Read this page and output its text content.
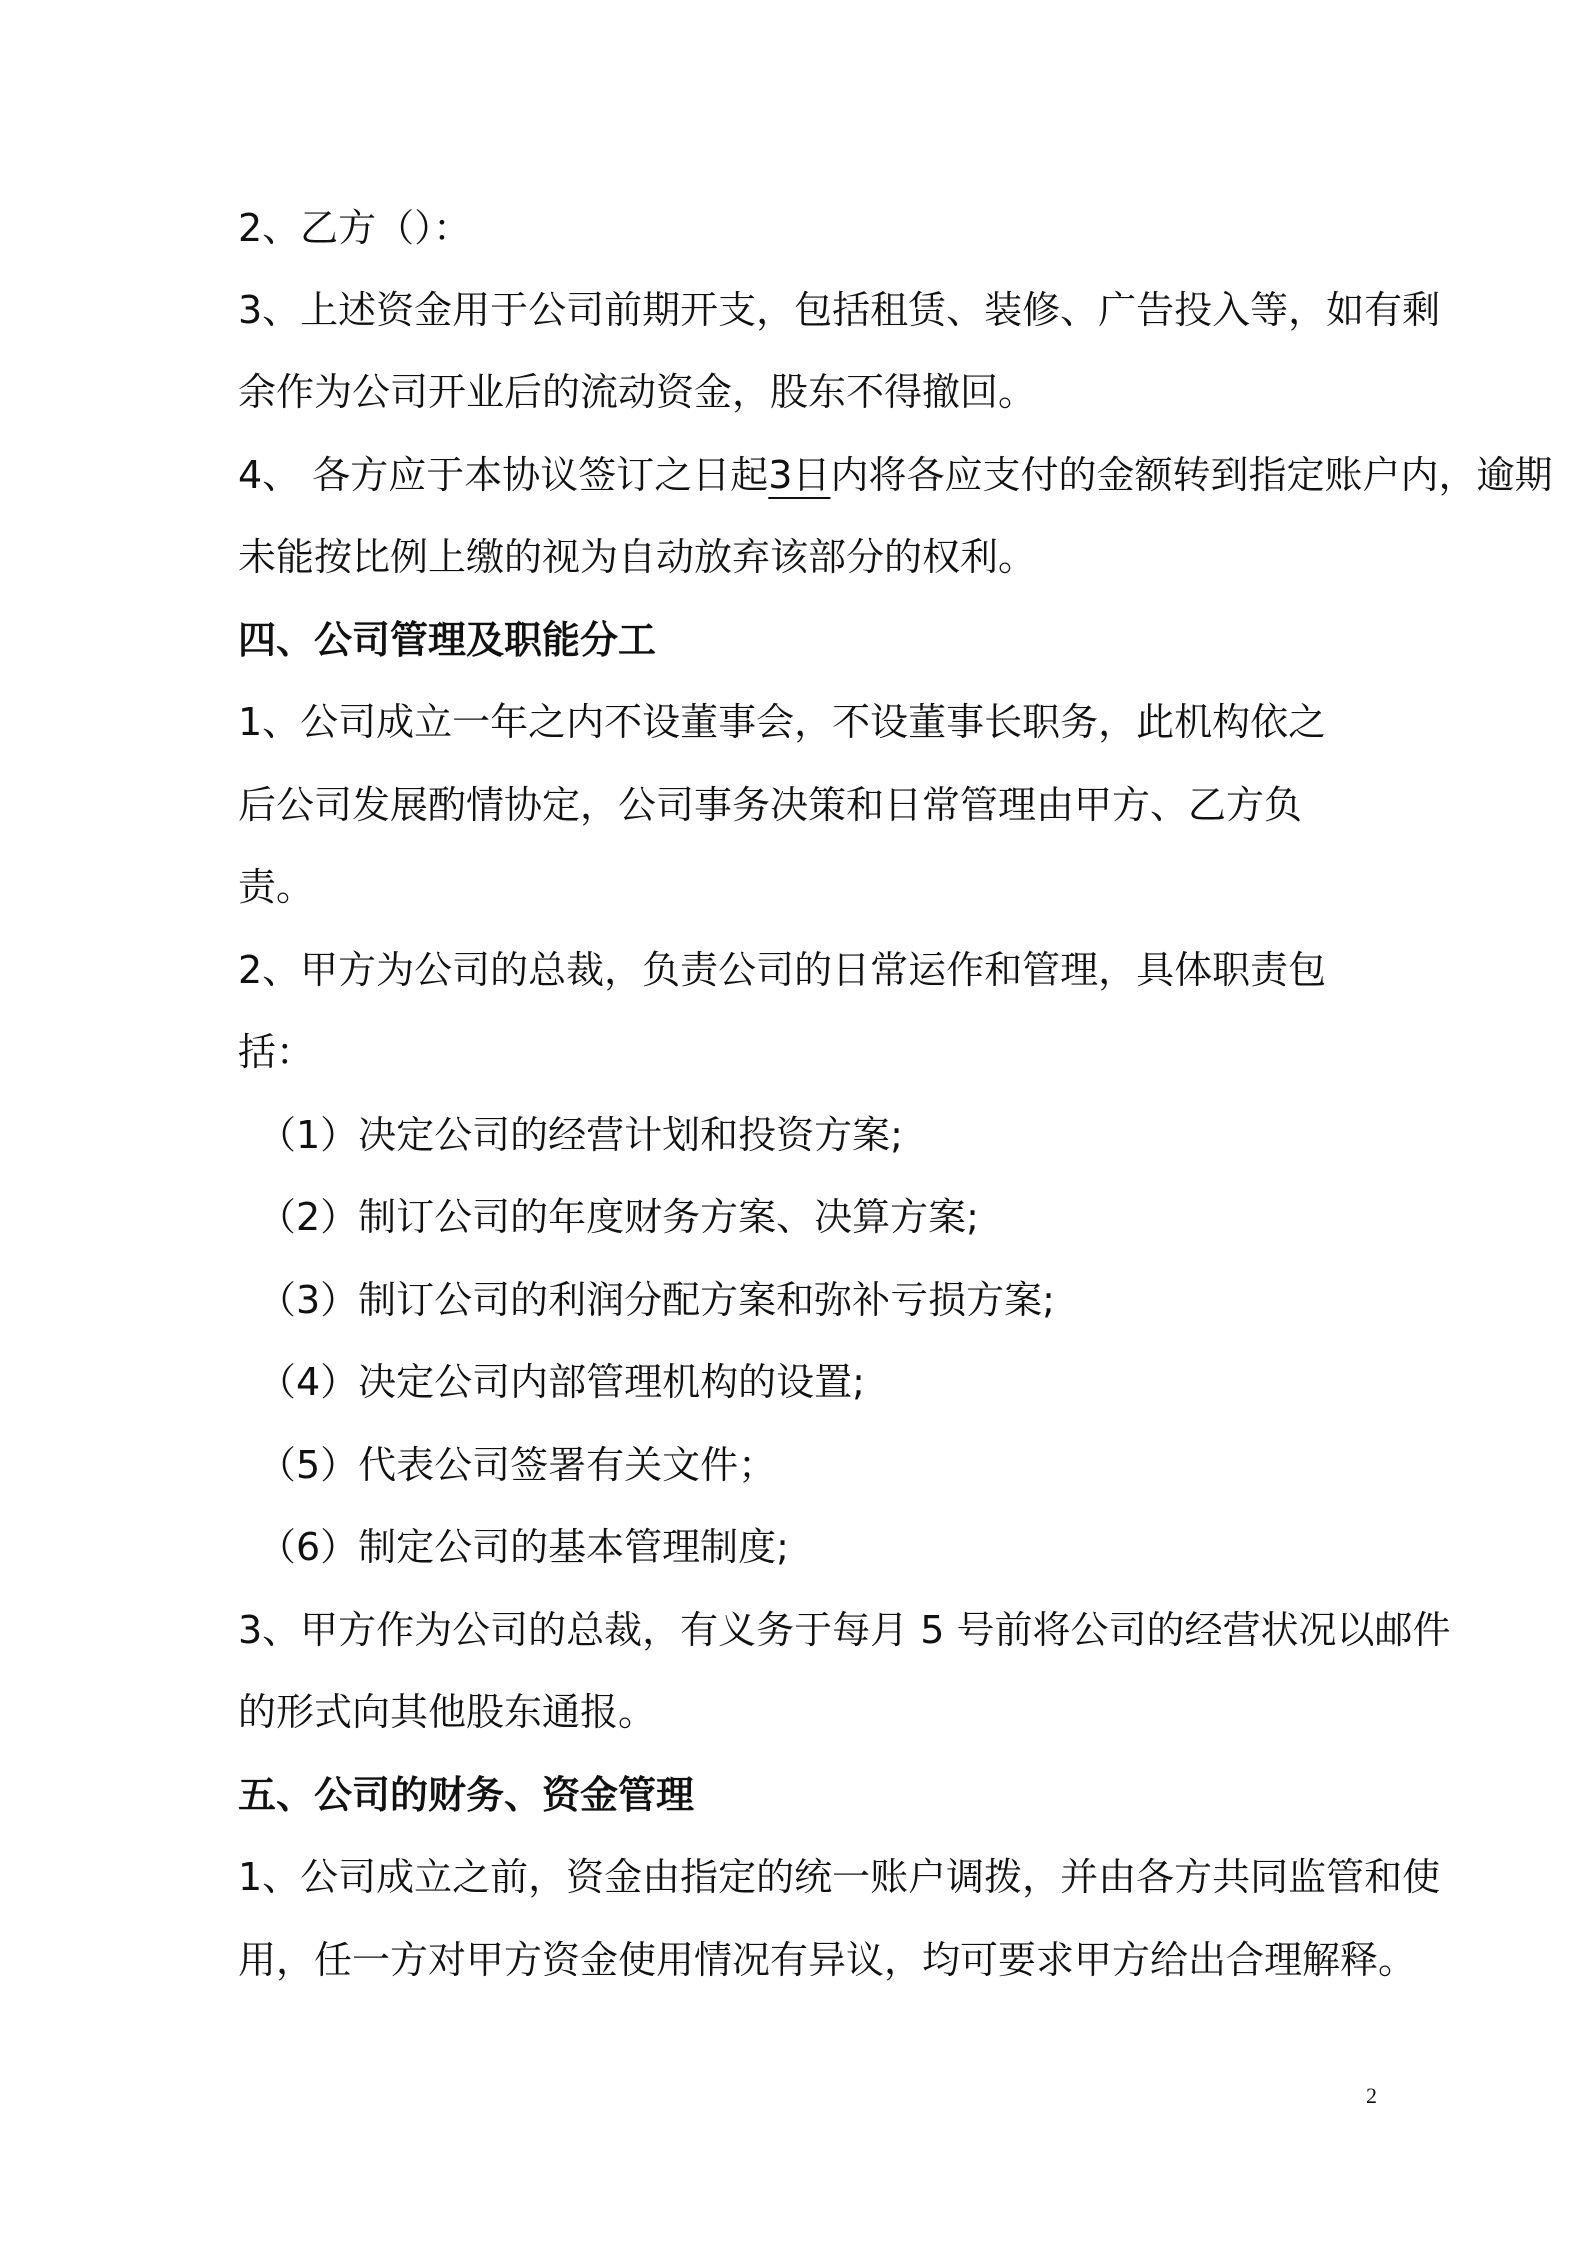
2、乙方（）：
3、上述资金用于公司前期开支，包括租赁、装修、广告投入等，如有剩
余作为公司开业后的流动资金，股东不得撤回。
4、 各方应于本协议签订之日起3日内将各应支付的金额转到指定账户内，逾期
未能按比例上缴的视为自动放弃该部分的权利。
四、公司管理及职能分工
1、公司成立一年之内不设董事会，不设董事长职务，此机构依之
后公司发展酌情协定，公司事务决策和日常管理由甲方、乙方负
责。
2、甲方为公司的总裁，负责公司的日常运作和管理，具体职责包
括：
（1）决定公司的经营计划和投资方案;
（2）制订公司的年度财务方案、决算方案;
（3）制订公司的利润分配方案和弥补亏损方案;
（4）决定公司内部管理机构的设置;
（5）代表公司签署有关文件；
（6）制定公司的基本管理制度;
3、甲方作为公司的总裁，有义务于每月 5 号前将公司的经营状况以邮件
的形式向其他股东通报。
五、公司的财务、资金管理
1、公司成立之前，资金由指定的统一账户调拨，并由各方共同监管和使
用，任一方对甲方资金使用情况有异议，均可要求甲方给出合理解释。
2
